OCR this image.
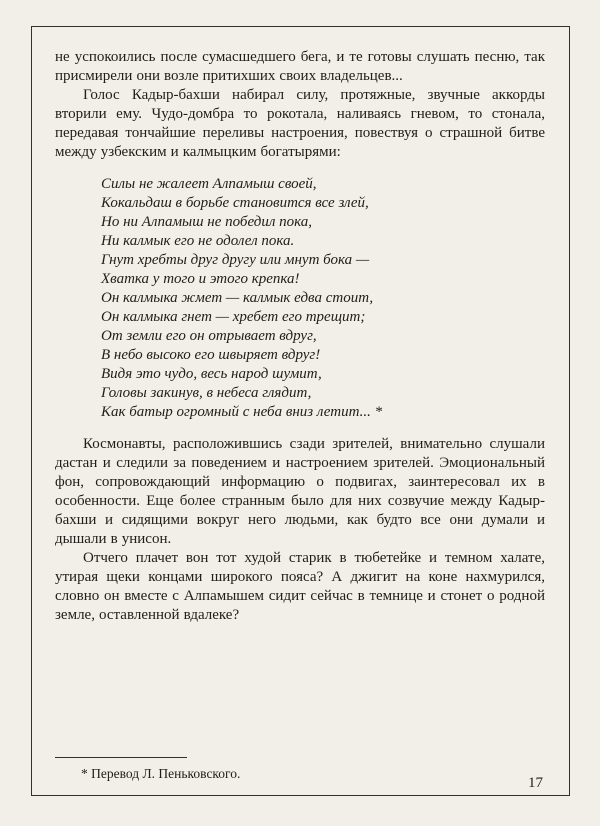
не успокоились после сумасшедшего бега, и те готовы слушать песню, так присмирели они возле притихших своих владельцев...

Голос Кадыр-бахши набирал силу, протяжные, звучные аккорды вторили ему. Чудо-домбра то рокотала, наливаясь гневом, то стонала, передавая тончайшие переливы настроения, повествуя о страшной битве между узбекским и калмыцким богатырями:

Силы не жалеет Алпамыш своей,
Кокальдаш в борьбе становится все злей,
Но ни Алпамыш не победил пока,
Ни калмык его не одолел пока.
Гнут хребты друг другу или мнут бока —
Хватка у того и этого крепка!
Он калмыка жмет — калмык едва стоит,
Он калмыка гнет — хребет его трещит;
От земли его он отрывает вдруг,
В небо высоко его швыряет вдруг!
Видя это чудо, весь народ шумит,
Головы закинув, в небеса глядит,
Как батыр огромный с неба вниз летит... *

Космонавты, расположившись сзади зрителей, внимательно слушали дастан и следили за поведением и настроением зрителей. Эмоциональный фон, сопровождающий информацию о подвигах, заинтересовал их в особенности. Еще более странным было для них созвучие между Кадыр-бахши и сидящими вокруг него людьми, как будто все они думали и дышали в унисон.

Отчего плачет вон тот худой старик в тюбетейке и темном халате, утирая щеки концами широкого пояса? А джигит на коне нахмурился, словно он вместе с Алпамышем сидит сейчас в темнице и стонет о родной земле, оставленной вдалеке?

* Перевод Л. Пеньковского.

17
